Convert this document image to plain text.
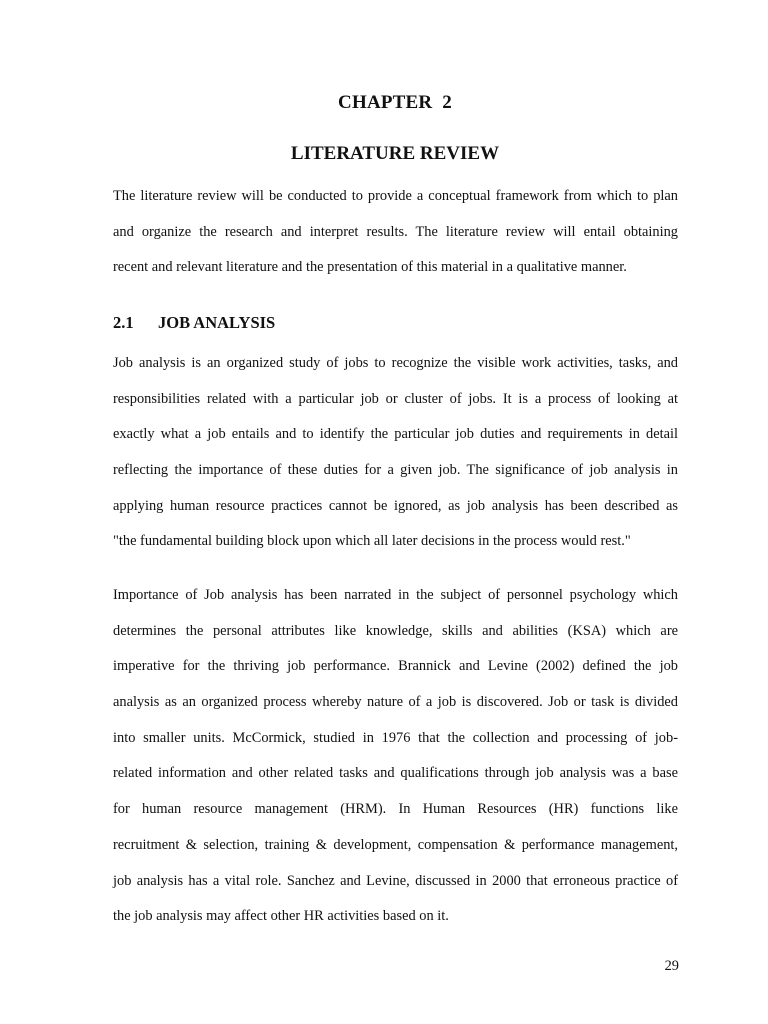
CHAPTER  2
LITERATURE REVIEW
The literature review will be conducted to provide a conceptual framework from which to plan
and organize the research and interpret results. The literature review will entail obtaining
recent and relevant literature and the presentation of this material in a qualitative manner.
2.1 JOB ANALYSIS
Job analysis is an organized study of jobs to recognize the visible work activities, tasks, and
responsibilities related with a particular job or cluster of jobs. It is a process of looking at
exactly what a job entails and to identify the particular job duties and requirements in detail
reflecting the importance of these duties for a given job. The significance of job analysis in
applying human resource practices cannot be ignored, as job analysis has been described as
"the fundamental building block upon which all later decisions in the process would rest."
Importance of Job analysis has been narrated in the subject of personnel psychology which
determines the personal attributes like knowledge, skills and abilities (KSA) which are
imperative for the thriving job performance. Brannick and Levine (2002) defined the job
analysis as an organized process whereby nature of a job is discovered. Job or task is divided
into smaller units. McCormick, studied in 1976 that the collection and processing of job-
related information and other related tasks and qualifications through job analysis was a base
for human resource management (HRM). In Human Resources (HR) functions like
recruitment & selection, training & development, compensation & performance management,
job analysis has a vital role. Sanchez and Levine, discussed in 2000 that erroneous practice of
the job analysis may affect other HR activities based on it.
29
